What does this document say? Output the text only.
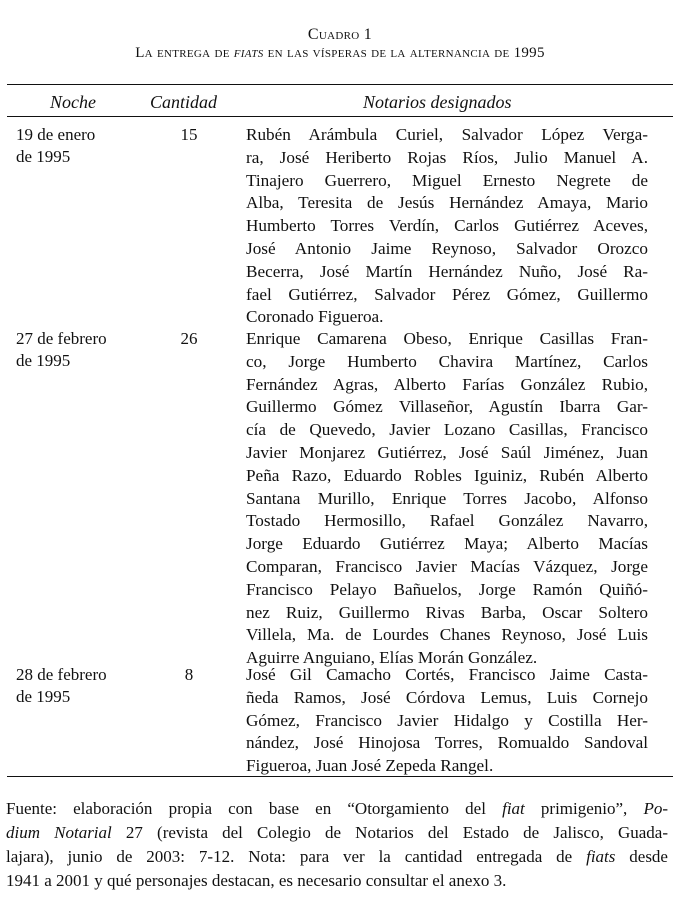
Cuadro 1
La entrega de fiats en las vísperas de la alternancia de 1995
Noche	Cantidad	Notarios designados
19 de enero
de 1995
15	Rubén Arámbula Curiel, Salvador López Verga-
ra, José Heriberto Rojas Ríos, Julio Manuel A.
Tinajero Guerrero, Miguel Ernesto Negrete de
Alba, Teresita de Jesús Hernández Amaya, Mario
Humberto Torres Verdín, Carlos Gutiérrez Aceves,
José Antonio Jaime Reynoso, Salvador Orozco
Becerra, José Martín Hernández Nuño, José Ra-
fael Gutiérrez, Salvador Pérez Gómez, Guillermo
Coronado Figueroa.
27 de febrero
de 1995
26	Enrique Camarena Obeso, Enrique Casillas Fran-
co, Jorge Humberto Chavira Martínez, Carlos
Fernández Agras, Alberto Farías González Rubio,
Guillermo Gómez Villaseñor, Agustín Ibarra Gar-
cía de Quevedo, Javier Lozano Casillas, Francisco
Javier Monjarez Gutiérrez, José Saúl Jiménez, Juan
Peña Razo, Eduardo Robles Iguiniz, Rubén Alberto
Santana Murillo, Enrique Torres Jacobo, Alfonso
Tostado Hermosillo, Rafael González Navarro,
Jorge Eduardo Gutiérrez Maya; Alberto Macías
Comparan, Francisco Javier Macías Vázquez, Jorge
Francisco Pelayo Bañuelos, Jorge Ramón Quiñó-
nez Ruiz, Guillermo Rivas Barba, Oscar Soltero
Villela, Ma. de Lourdes Chanes Reynoso, José Luis
Aguirre Anguiano, Elías Morán González.
28 de febrero
de 1995
8	José Gil Camacho Cortés, Francisco Jaime Casta-
ñeda Ramos, José Córdova Lemus, Luis Cornejo
Gómez, Francisco Javier Hidalgo y Costilla Her-
nández, José Hinojosa Torres, Romualdo Sandoval
Figueroa, Juan José Zepeda Rangel.
Fuente: elaboración propia con base en “Otorgamiento del fiat primigenio”, Po-
dium Notarial 27 (revista del Colegio de Notarios del Estado de Jalisco, Guada-
lajara), junio de 2003: 7-12. Nota: para ver la cantidad entregada de fiats desde
1941 a 2001 y qué personajes destacan, es necesario consultar el anexo 3.
